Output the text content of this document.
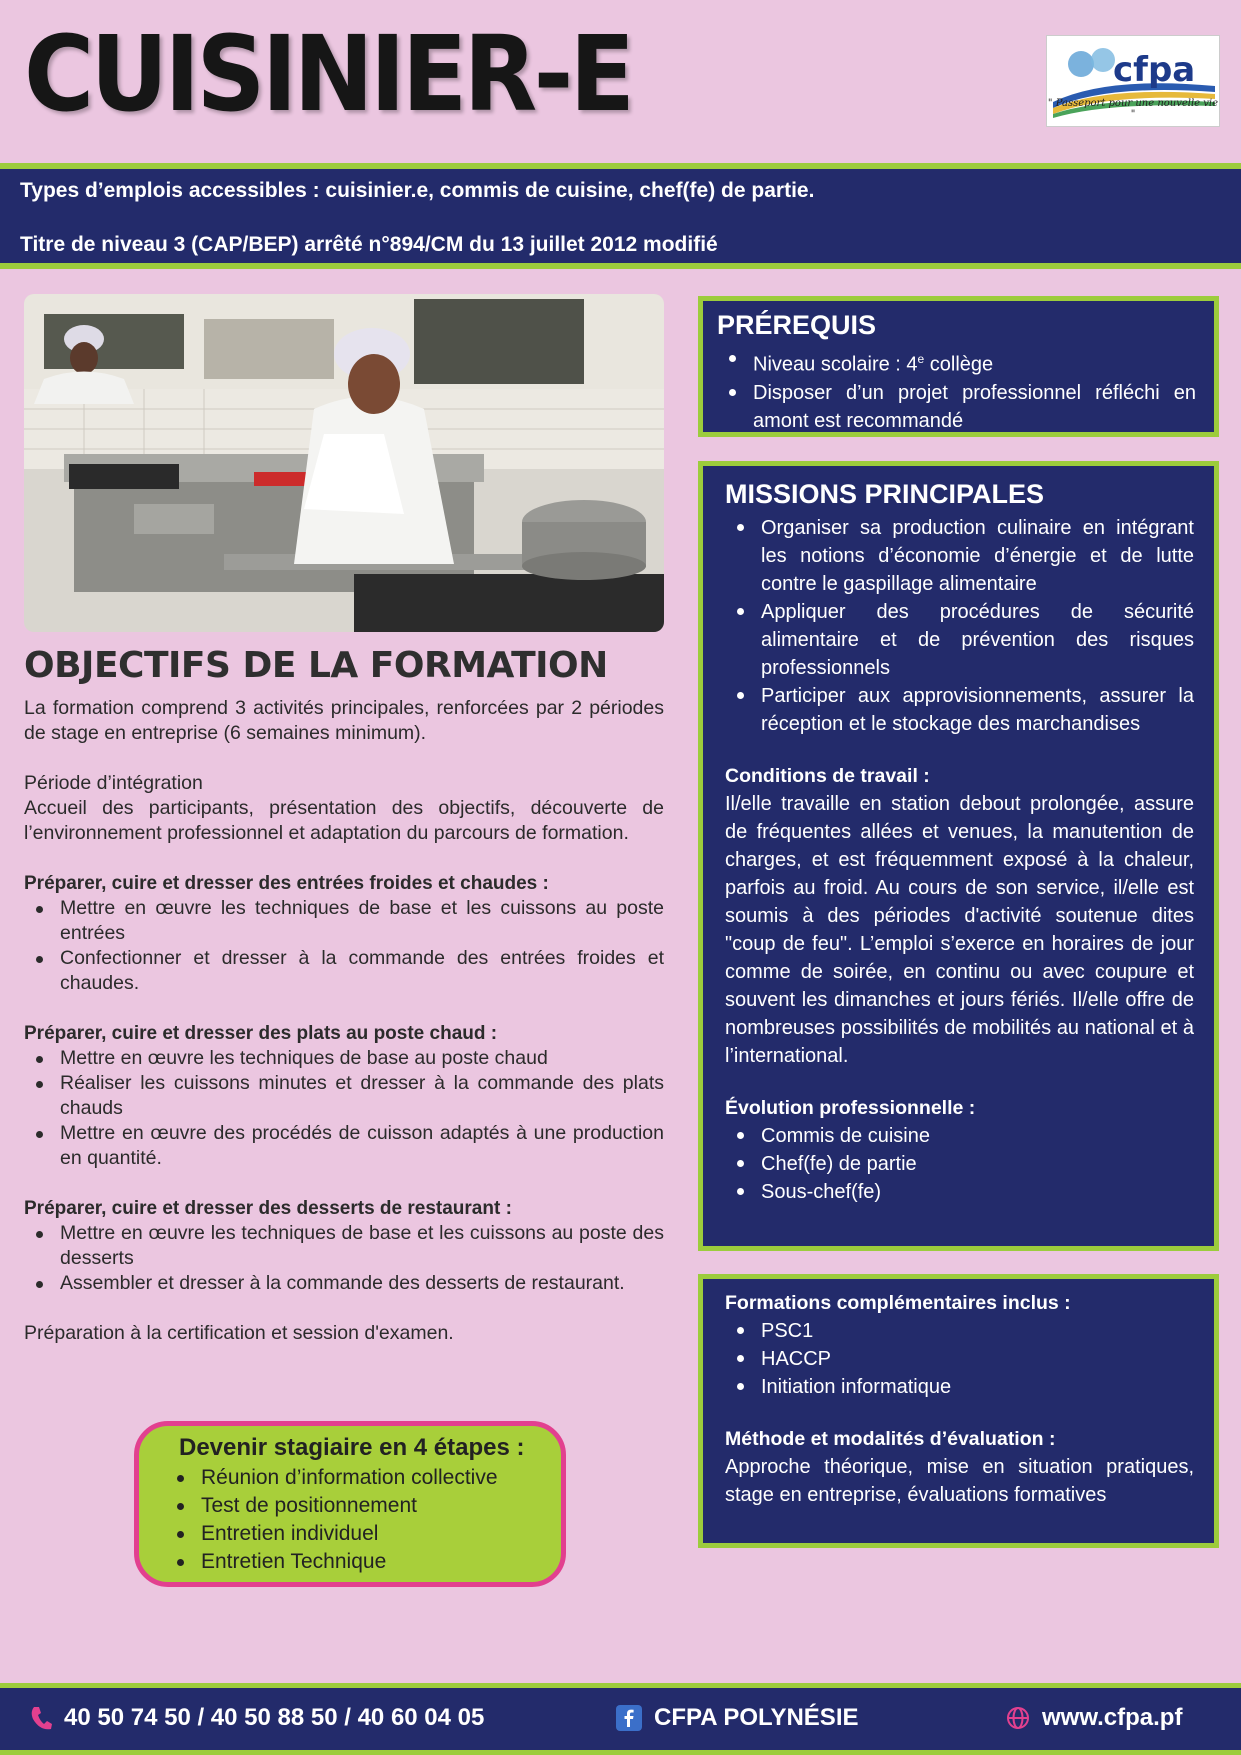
CUISINIER-E	cfpa
" Passeport pour une nouvelle vie "
Types d’emplois accessibles : cuisinier.e, commis de cuisine, chef(fe) de partie.
Titre de niveau 3 (CAP/BEP) arrêté n°894/CM du 13 juillet 2012 modifié
OBJECTIFS DE LA FORMATION
La formation comprend 3 activités principales, renforcées par 2 périodes de stage en entreprise (6 semaines minimum).
Période d’intégration
Accueil des participants, présentation des objectifs, découverte de l’environnement professionnel et adaptation du parcours de formation.
Préparer, cuire et dresser des entrées froides et chaudes :
Mettre en œuvre les techniques de base et les cuissons au poste entrées
Confectionner et dresser à la commande des entrées froides et chaudes.
Préparer, cuire et dresser des plats au poste chaud :
Mettre en œuvre les techniques de base au poste chaud
Réaliser les cuissons minutes et dresser à la commande des plats chauds
Mettre en œuvre des procédés de cuisson adaptés à une production en quantité.
Préparer, cuire et dresser des desserts de restaurant :
Mettre en œuvre les techniques de base et les cuissons au poste des desserts
Assembler et dresser à la commande des desserts de restaurant.
Préparation à la certification et session d'examen.
Devenir stagiaire en 4 étapes :
Réunion d’information collective
Test de positionnement
Entretien individuel
Entretien Technique
PRÉREQUIS
Niveau scolaire : 4e collège
Disposer d’un projet professionnel réfléchi en amont est recommandé
MISSIONS PRINCIPALES
Organiser sa production culinaire en intégrant les notions d’économie d’énergie et de lutte contre le gaspillage alimentaire
Appliquer des procédures de sécurité alimentaire et de prévention des risques professionnels
Participer aux approvisionnements, assurer la réception et le stockage des marchandises
Conditions de travail :
Il/elle travaille en station debout prolongée, assure de fréquentes allées et venues, la manutention de charges, et est fréquemment exposé à la chaleur, parfois au froid. Au cours de son service, il/elle est soumis à des périodes d'activité soutenue dites "coup de feu". L’emploi s’exerce en horaires de jour comme de soirée, en continu ou avec coupure et souvent les dimanches et jours fériés. Il/elle offre de nombreuses possibilités de mobilités au national et à l’international.
Évolution professionnelle :
Commis de cuisine
Chef(fe) de partie
Sous-chef(fe)
Formations complémentaires inclus :
PSC1
HACCP
Initiation informatique
Méthode et modalités d’évaluation :
Approche théorique, mise en situation pratiques, stage en entreprise, évaluations formatives
40 50 74 50 / 40 50 88 50 / 40 60 04 05	CFPA POLYNÉSIE	www.cfpa.pf
